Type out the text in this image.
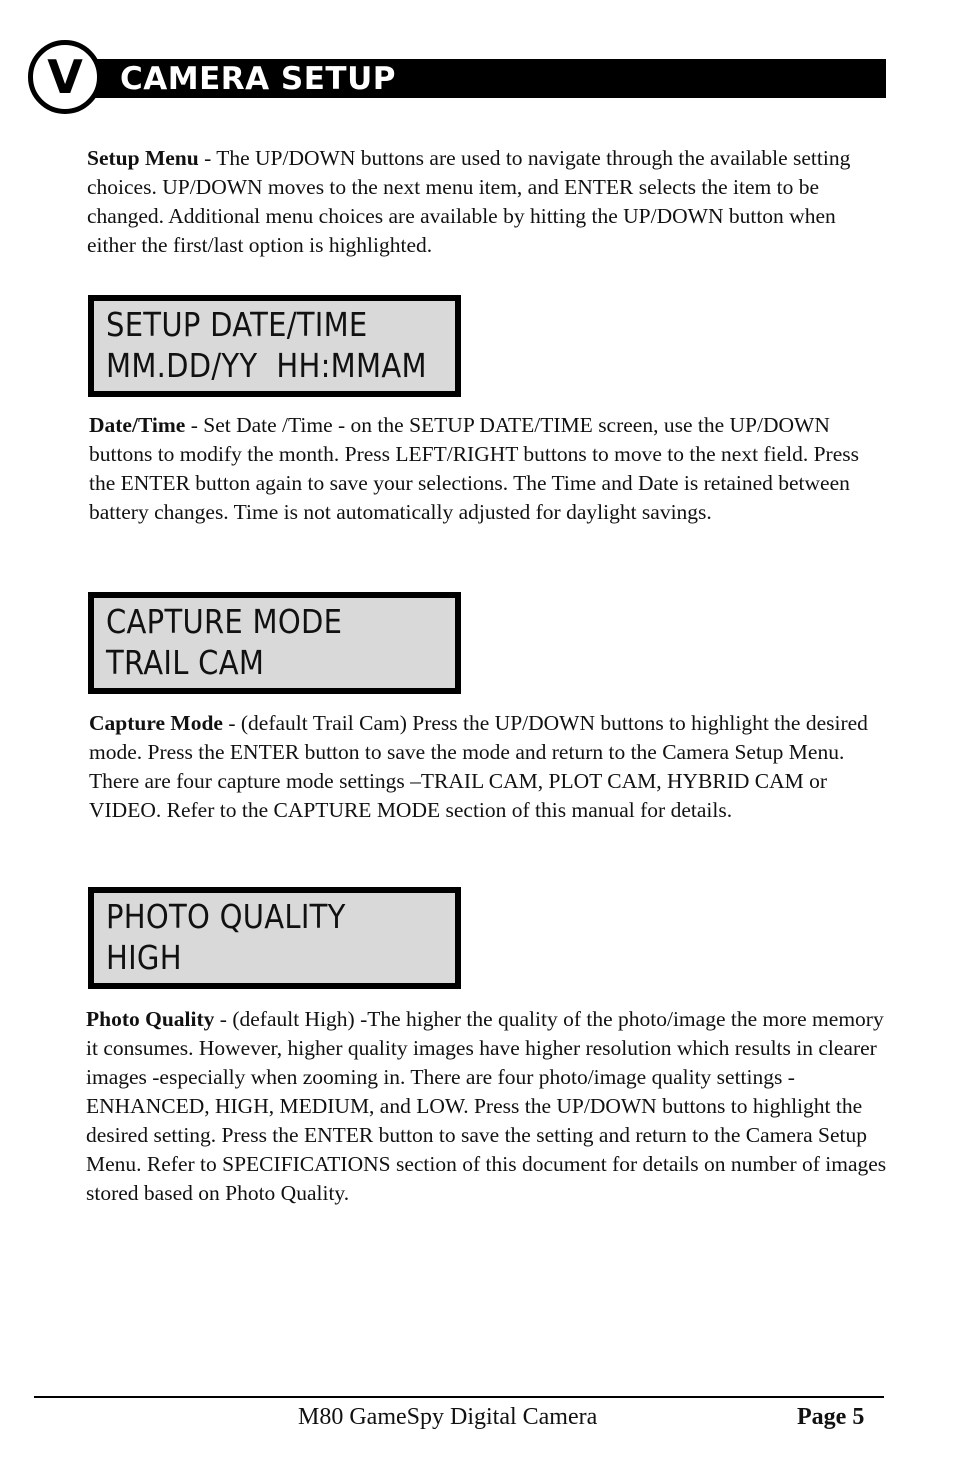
CAMERA SETUP
V

Setup Menu - The UP/DOWN buttons are used to navigate through the available setting choices. UP/DOWN moves to the next menu item, and ENTER selects the item to be changed. Additional menu choices are available by hitting the UP/DOWN button when either the first/last option is highlighted.

SETUP DATE/TIME
MM.DD/YY  HH:MMAM

Date/Time - Set Date /Time - on the SETUP DATE/TIME screen, use the UP/DOWN buttons to modify the month. Press LEFT/RIGHT buttons to move to the next field. Press the ENTER button again to save your selections. The Time and Date is retained between battery changes. Time is not automatically adjusted for daylight savings.

CAPTURE MODE
TRAIL CAM

Capture Mode - (default Trail Cam) Press the UP/DOWN buttons to highlight the desired mode. Press the ENTER button to save the mode and return to the Camera Setup Menu. There are four capture mode settings –TRAIL CAM, PLOT CAM, HYBRID CAM or VIDEO. Refer to the CAPTURE MODE section of this manual for details.

PHOTO QUALITY
HIGH

Photo Quality - (default High) -The higher the quality of the photo/image the more memory it consumes. However, higher quality images have higher resolution which results in clearer images -especially when zooming in. There are four photo/image quality settings -ENHANCED, HIGH, MEDIUM, and LOW. Press the UP/DOWN buttons to highlight the desired setting. Press the ENTER button to save the setting and return to the Camera Setup Menu. Refer to SPECIFICATIONS section of this document for details on number of images stored based on Photo Quality.

M80 GameSpy Digital Camera	Page 5
